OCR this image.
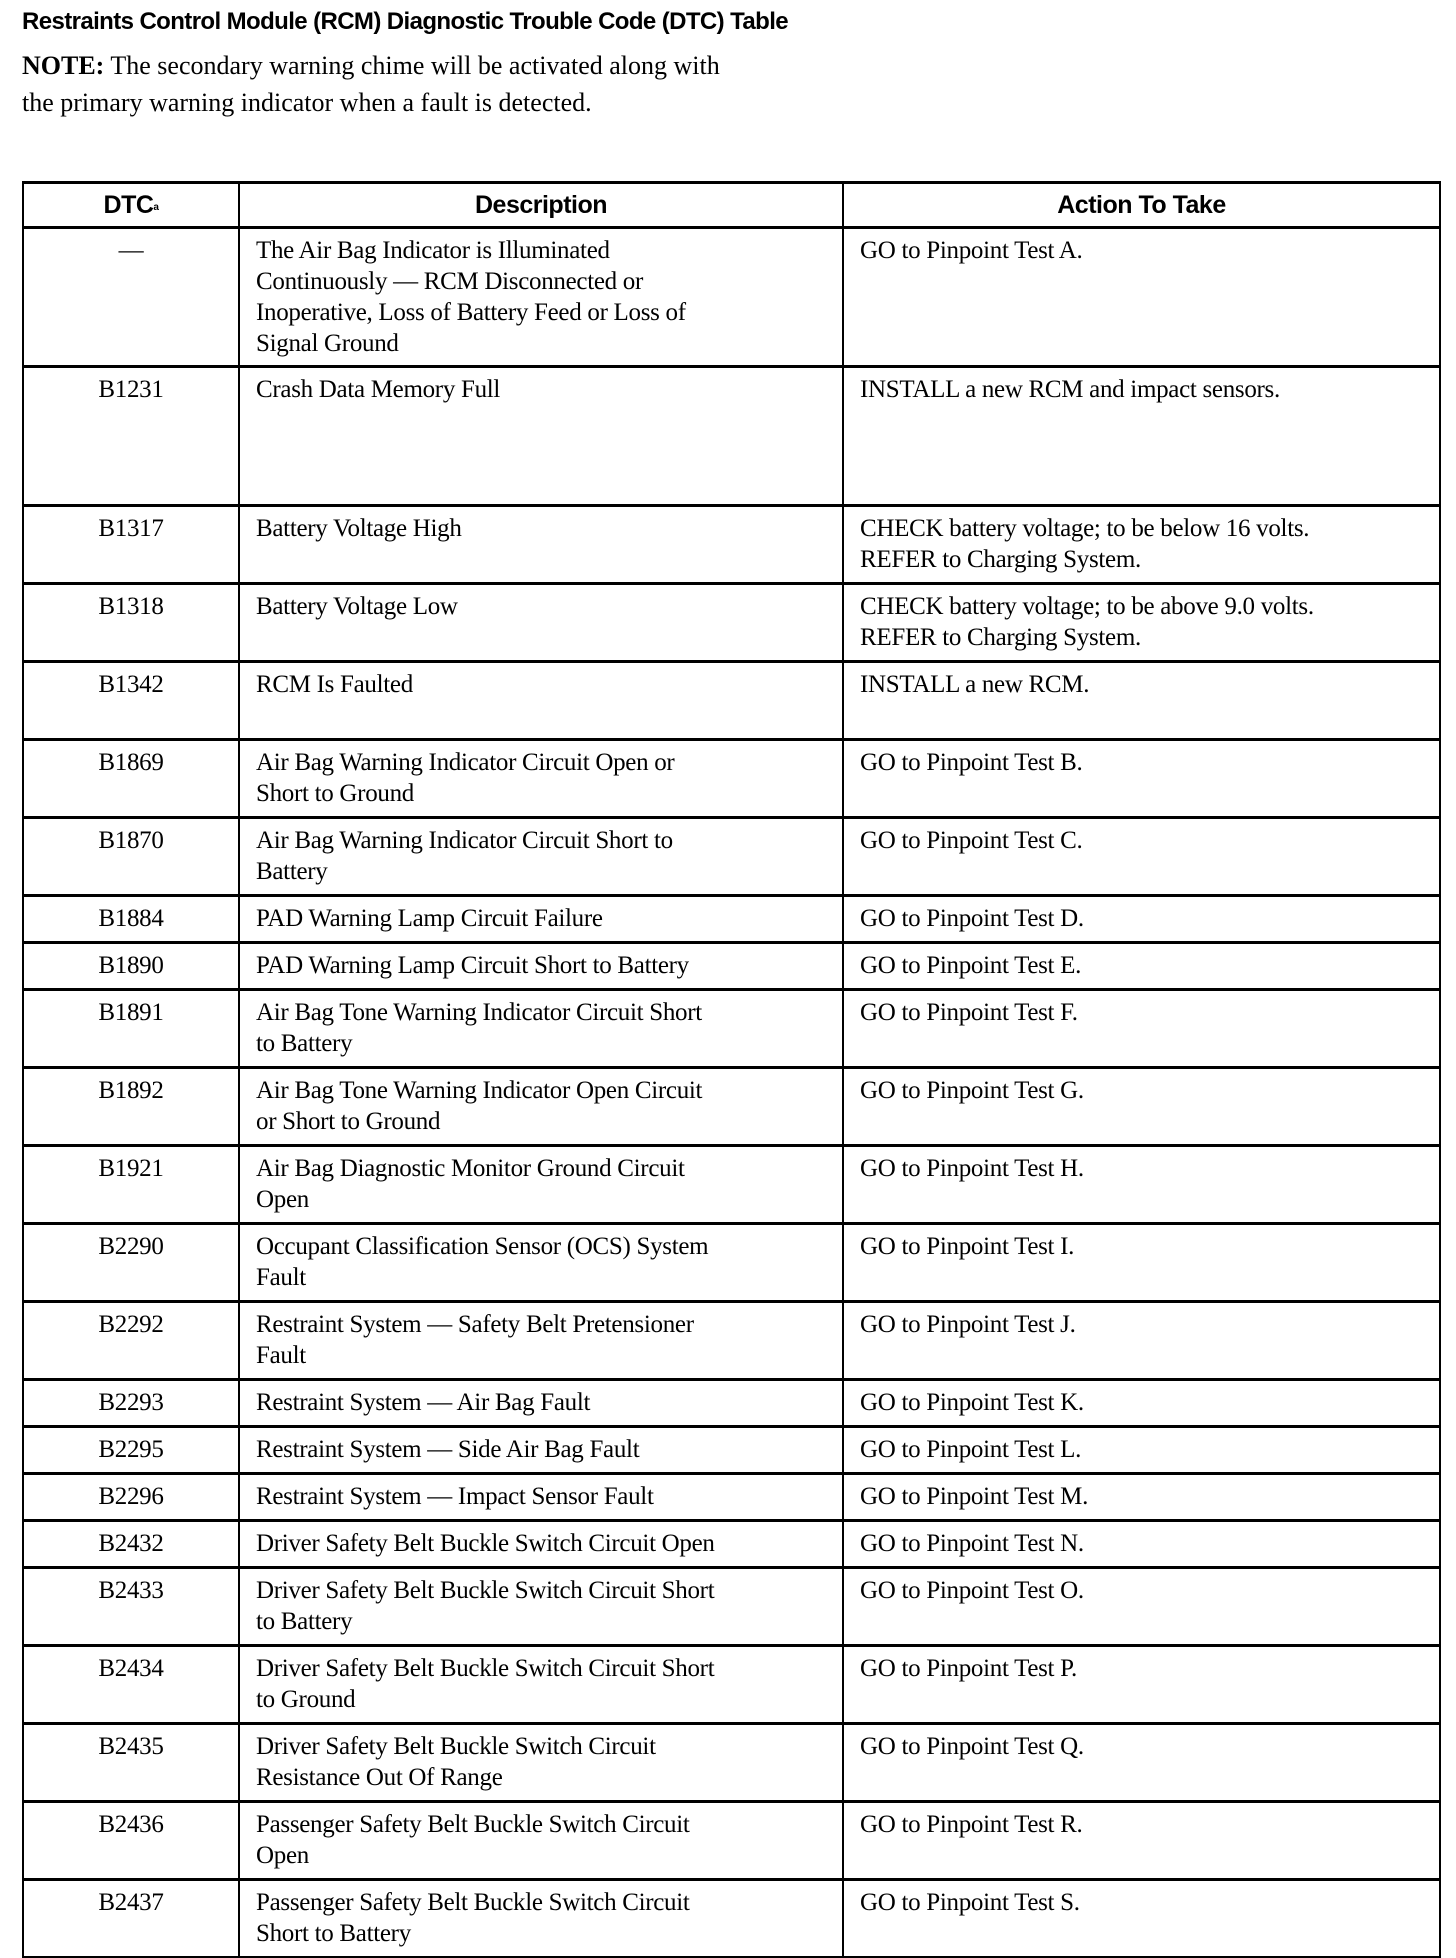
Restraints Control Module (RCM) Diagnostic Trouble Code (DTC) Table
NOTE: The secondary warning chime will be activated along with the primary warning indicator when a fault is detected.
DTC$^a$	Description	Action To Take
—	The Air Bag Indicator is Illuminated
Continuously — RCM Disconnected or
Inoperative, Loss of Battery Feed or Loss of
Signal Ground	GO to Pinpoint Test A.
B1231	Crash Data Memory Full	INSTALL a new RCM and impact sensors.
B1317	Battery Voltage High	CHECK battery voltage; to be below 16 volts.
REFER to Charging System.
B1318	Battery Voltage Low	CHECK battery voltage; to be above 9.0 volts.
REFER to Charging System.
B1342	RCM Is Faulted	INSTALL a new RCM.
B1869	Air Bag Warning Indicator Circuit Open or
Short to Ground	GO to Pinpoint Test B.
B1870	Air Bag Warning Indicator Circuit Short to
Battery	GO to Pinpoint Test C.
B1884	PAD Warning Lamp Circuit Failure	GO to Pinpoint Test D.
B1890	PAD Warning Lamp Circuit Short to Battery	GO to Pinpoint Test E.
B1891	Air Bag Tone Warning Indicator Circuit Short
to Battery	GO to Pinpoint Test F.
B1892	Air Bag Tone Warning Indicator Open Circuit
or Short to Ground	GO to Pinpoint Test G.
B1921	Air Bag Diagnostic Monitor Ground Circuit
Open	GO to Pinpoint Test H.
B2290	Occupant Classification Sensor (OCS) System
Fault	GO to Pinpoint Test I.
B2292	Restraint System — Safety Belt Pretensioner
Fault	GO to Pinpoint Test J.
B2293	Restraint System — Air Bag Fault	GO to Pinpoint Test K.
B2295	Restraint System — Side Air Bag Fault	GO to Pinpoint Test L.
B2296	Restraint System — Impact Sensor Fault	GO to Pinpoint Test M.
B2432	Driver Safety Belt Buckle Switch Circuit Open	GO to Pinpoint Test N.
B2433	Driver Safety Belt Buckle Switch Circuit Short
to Battery	GO to Pinpoint Test O.
B2434	Driver Safety Belt Buckle Switch Circuit Short
to Ground	GO to Pinpoint Test P.
B2435	Driver Safety Belt Buckle Switch Circuit
Resistance Out Of Range	GO to Pinpoint Test Q.
B2436	Passenger Safety Belt Buckle Switch Circuit
Open	GO to Pinpoint Test R.
B2437	Passenger Safety Belt Buckle Switch Circuit
Short to Battery	GO to Pinpoint Test S.
